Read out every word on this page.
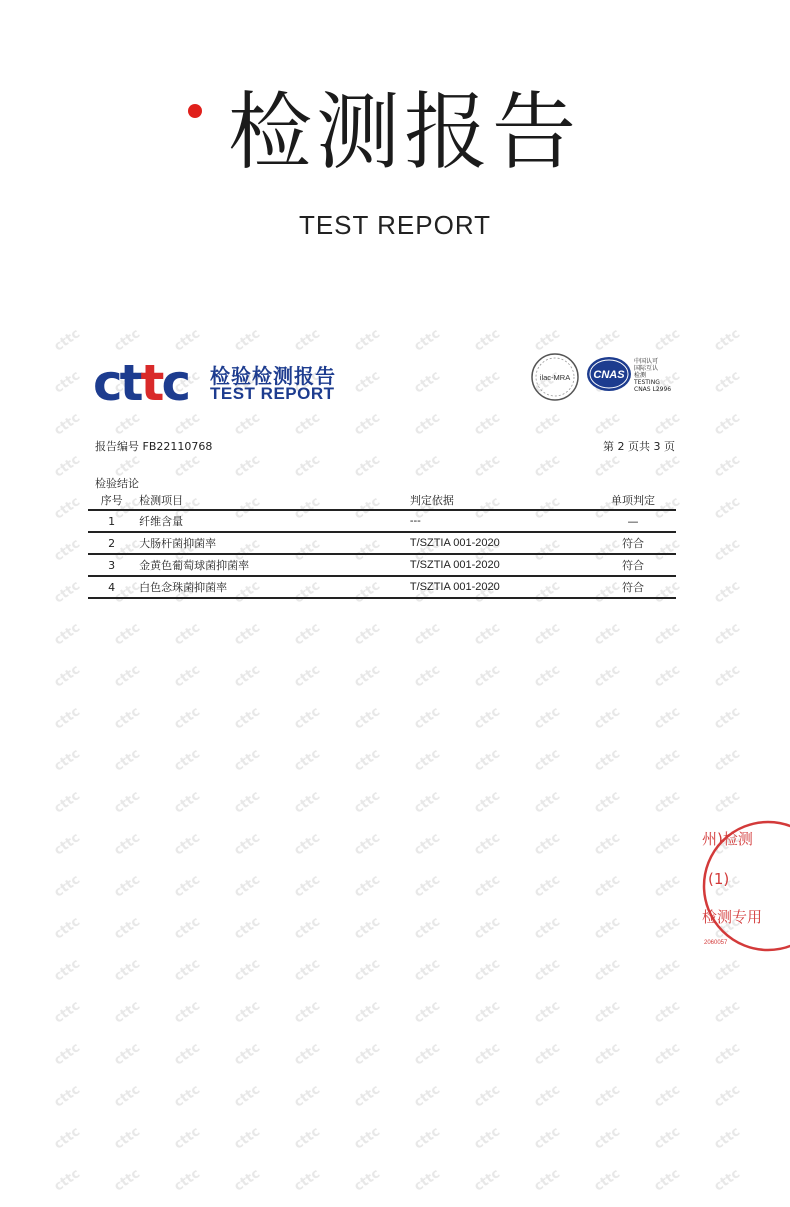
检测报告
TEST REPORT
cttc 检验检测报告
TEST REPORT
ilac-MRA CNAS
中国认可
国际互认
检测
TESTING
CNAS L2996
报告编号 FB22110768	第 2 页共 3 页
检验结论
序号	检测项目	判定依据	单项判定
1	纤维含量	---	—
2	大肠杆菌抑菌率	T/SZTIA 001-2020	符合
3	金黄色葡萄球菌抑菌率	T/SZTIA 001-2020	符合
4	白色念珠菌抑菌率	T/SZTIA 001-2020	符合
州)检测
(1)
检测专用
2060057
